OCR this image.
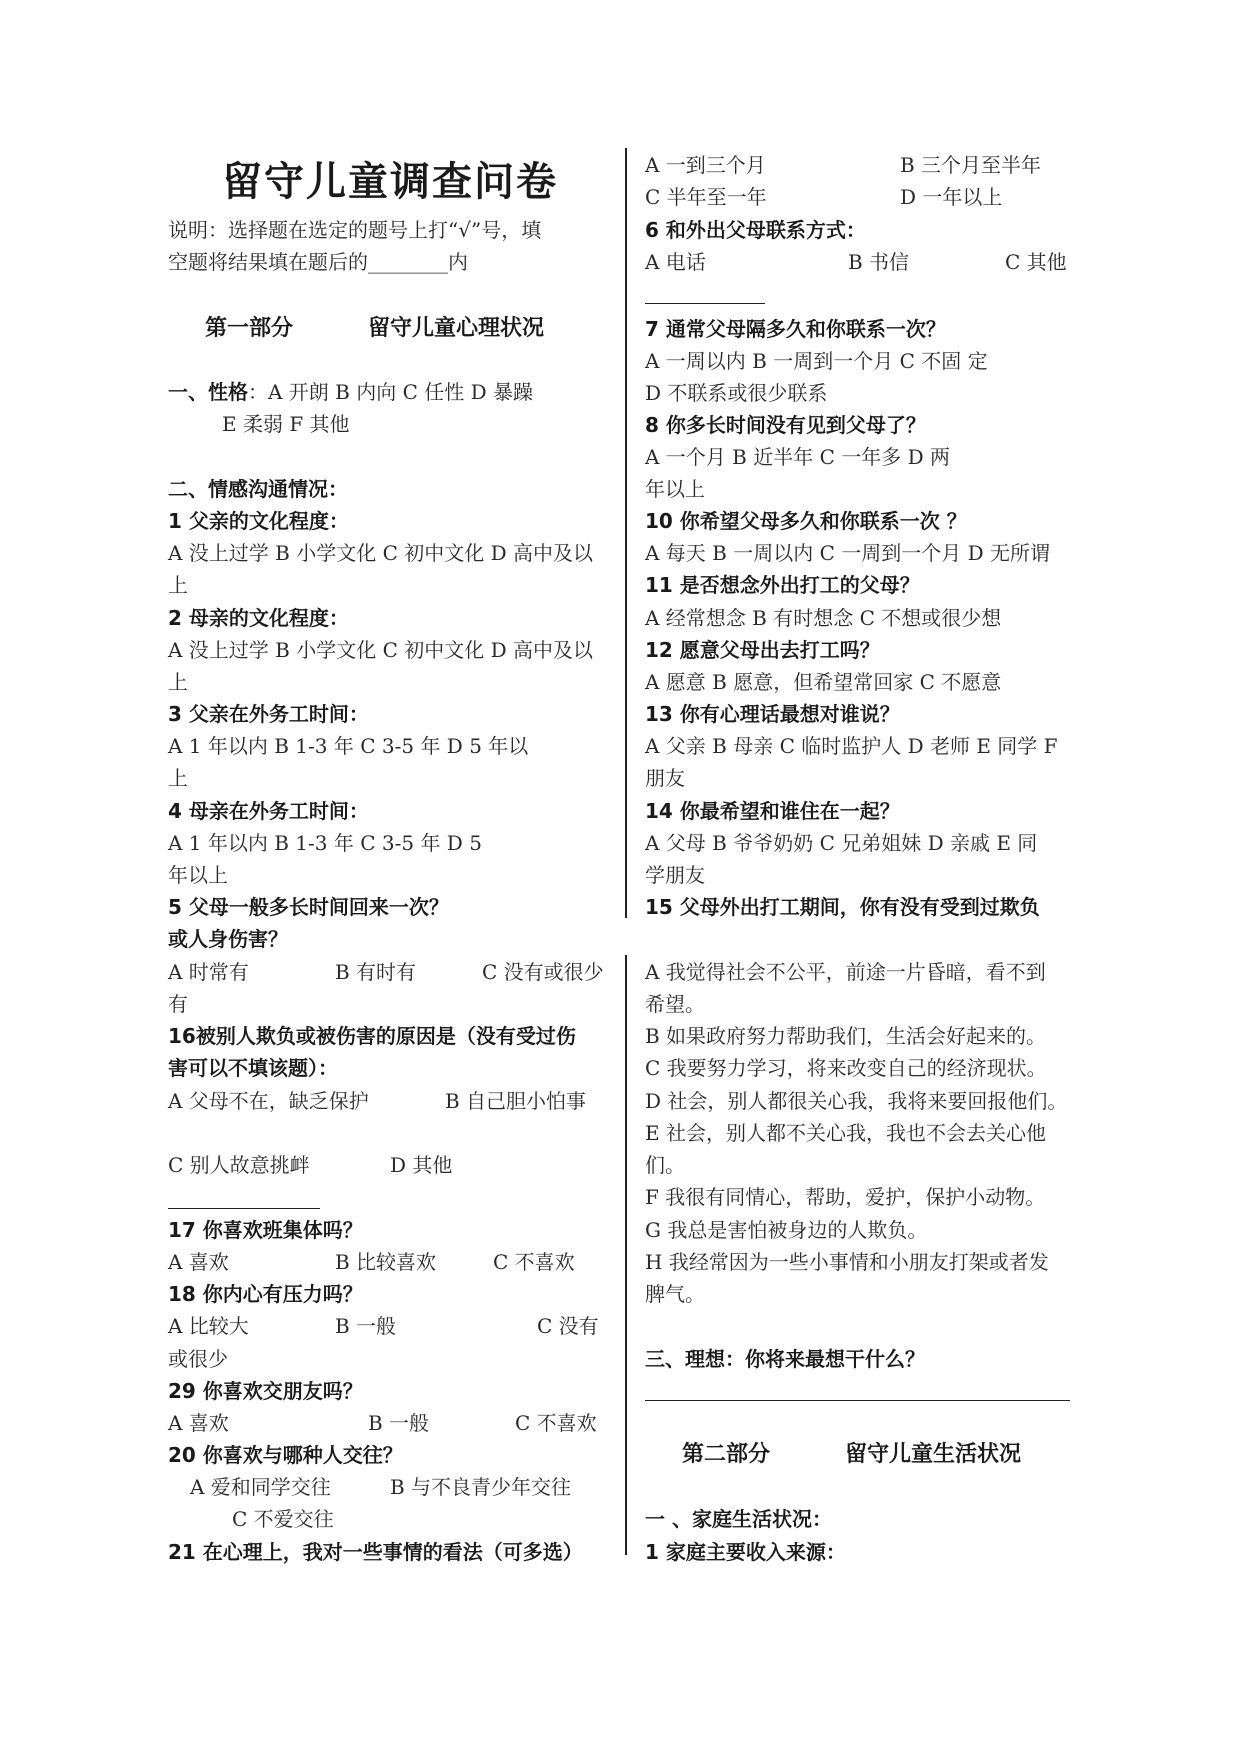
留守儿童调查问卷
说明：选择题在选定的题号上打“√”号，填
空题将结果填在题后的________内
第一部分	留守儿童心理状况
一、性格：A 开朗 B 内向 C 任性 D 暴躁
E 柔弱 F 其他
二、情感沟通情况：
1 父亲的文化程度：
A 没上过学 B 小学文化 C 初中文化 D 高中及以
上
2 母亲的文化程度：
A 没上过学 B 小学文化 C 初中文化 D 高中及以
上
3 父亲在外务工时间：
A 1 年以内 B 1-3 年 C 3-5 年 D 5 年以
上
4 母亲在外务工时间：
A 1 年以内 B 1-3 年 C 3-5 年 D 5
年以上
5 父母一般多长时间回来一次？
A 一到三个月	B 三个月至半年
C 半年至一年	D 一年以上
6 和外出父母联系方式：
A 电话	B 书信	C 其他
7 通常父母隔多久和你联系一次？
A 一周以内 B 一周到一个月 C 不固 定
D 不联系或很少联系
8 你多长时间没有见到父母了？
A 一个月 B 近半年 C 一年多 D 两
年以上
10 你希望父母多久和你联系一次 ？
A 每天 B 一周以内 C 一周到一个月 D 无所谓
11 是否想念外出打工的父母？
A 经常想念 B 有时想念 C 不想或很少想
12 愿意父母出去打工吗？
A 愿意 B 愿意，但希望常回家 C 不愿意
13 你有心理话最想对谁说？
A 父亲 B 母亲 C 临时监护人 D 老师 E 同学 F
朋友
14 你最希望和谁住在一起？
A 父母 B 爷爷奶奶 C 兄弟姐妹 D 亲戚 E 同
学朋友
15 父母外出打工期间，你有没有受到过欺负
或人身伤害？
A 时常有	B 有时有	C 没有或很少
有
16被别人欺负或被伤害的原因是（没有受过伤
害可以不填该题）：
A 父母不在，缺乏保护	B 自己胆小怕事
C 别人故意挑衅	D 其他
17 你喜欢班集体吗？
A 喜欢	B 比较喜欢	C 不喜欢
18 你内心有压力吗？
A 比较大	B 一般	C 没有
或很少
29 你喜欢交朋友吗？
A 喜欢	B 一般	C 不喜欢
20 你喜欢与哪种人交往？
A 爱和同学交往	B 与不良青少年交往
C 不爱交往
21 在心理上，我对一些事情的看法（可多选）
A 我觉得社会不公平，前途一片昏暗，看不到
希望。
B 如果政府努力帮助我们，生活会好起来的。
C 我要努力学习，将来改变自己的经济现状。
D 社会，别人都很关心我，我将来要回报他们。
E 社会，别人都不关心我，我也不会去关心他
们。
F 我很有同情心，帮助，爱护，保护小动物。
G 我总是害怕被身边的人欺负。
H 我经常因为一些小事情和小朋友打架或者发
脾气。
三、理想：你将来最想干什么？
第二部分	留守儿童生活状况
一 、家庭生活状况：
1 家庭主要收入来源：
